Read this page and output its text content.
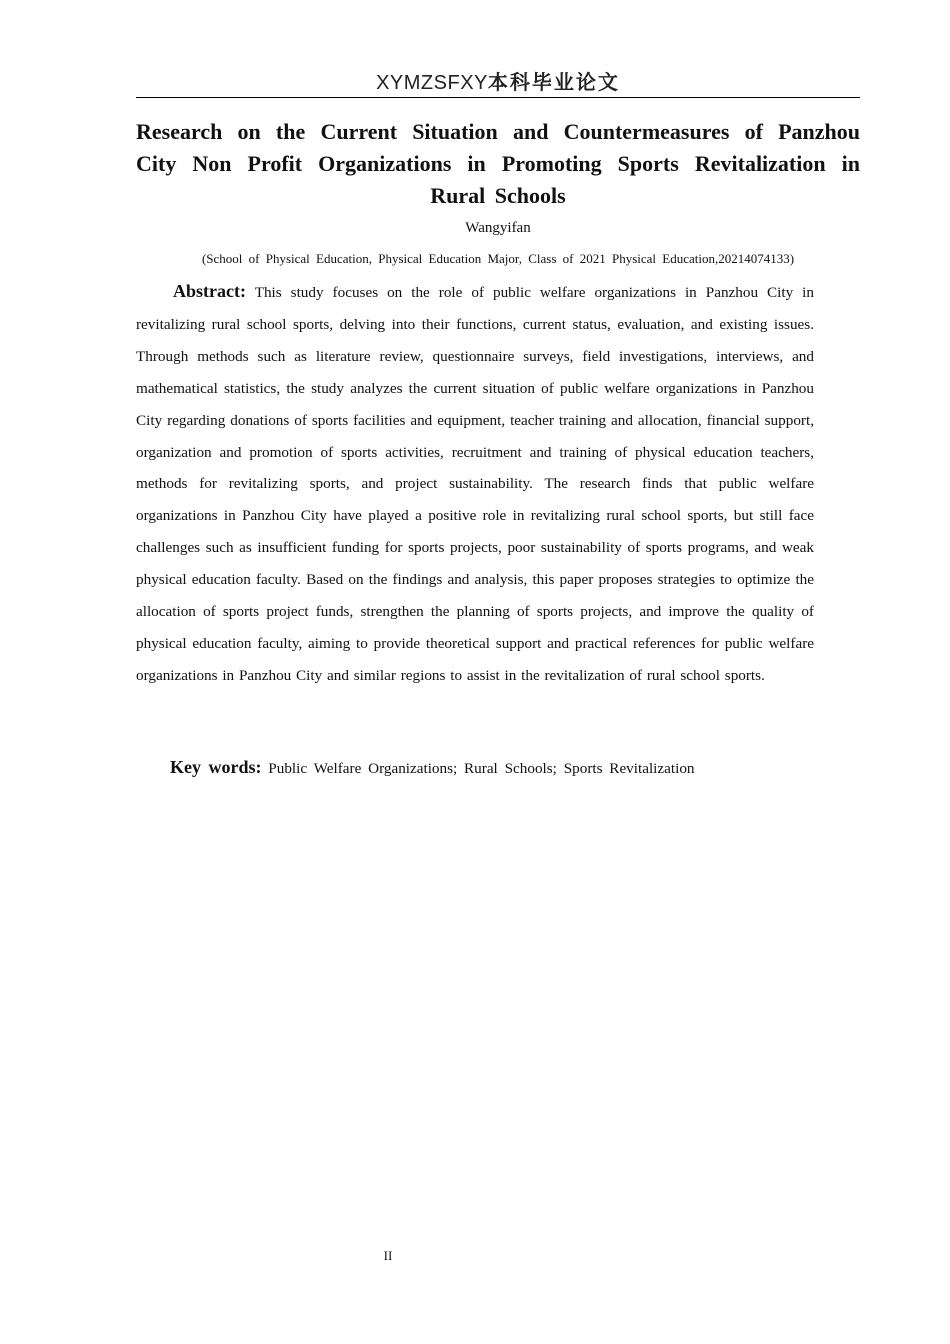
XYMZSFXY本科毕业论文
Research on the Current Situation and Countermeasures of Panzhou City Non Profit Organizations in Promoting Sports Revitalization in Rural Schools
Wangyifan
(School of Physical Education, Physical Education Major, Class of 2021 Physical Education,20214074133)
Abstract: This study focuses on the role of public welfare organizations in Panzhou City in revitalizing rural school sports, delving into their functions, current status, evaluation, and existing issues. Through methods such as literature review, questionnaire surveys, field investigations, interviews, and mathematical statistics, the study analyzes the current situation of public welfare organizations in Panzhou City regarding donations of sports facilities and equipment, teacher training and allocation, financial support, organization and promotion of sports activities, recruitment and training of physical education teachers, methods for revitalizing sports, and project sustainability. The research finds that public welfare organizations in Panzhou City have played a positive role in revitalizing rural school sports, but still face challenges such as insufficient funding for sports projects, poor sustainability of sports programs, and weak physical education faculty. Based on the findings and analysis, this paper proposes strategies to optimize the allocation of sports project funds, strengthen the planning of sports projects, and improve the quality of physical education faculty, aiming to provide theoretical support and practical references for public welfare organizations in Panzhou City and similar regions to assist in the revitalization of rural school sports.
Key words: Public Welfare Organizations; Rural Schools; Sports Revitalization
II
